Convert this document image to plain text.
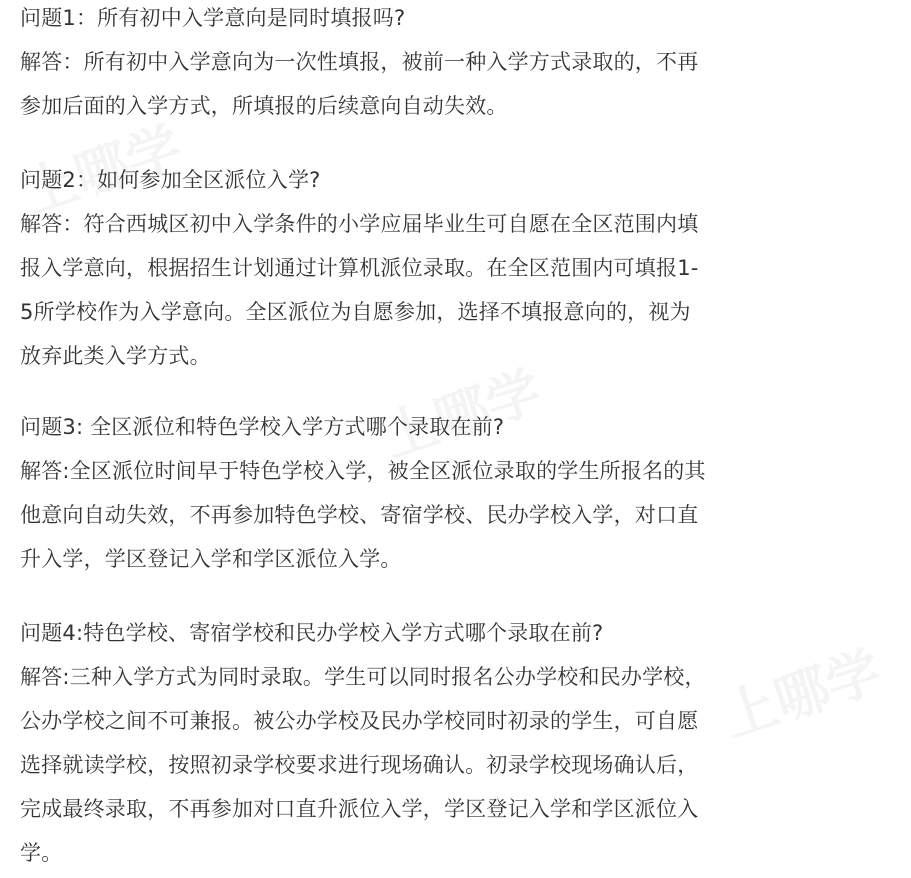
问题1：所有初中入学意向是同时填报吗?
解答：所有初中入学意向为一次性填报，被前一种入学方式录取的，不再
参加后面的入学方式，所填报的后续意向自动失效。
问题2：如何参加全区派位入学?
解答：符合西城区初中入学条件的小学应届毕业生可自愿在全区范围内填
报入学意向，根据招生计划通过计算机派位录取。在全区范围内可填报1-
5所学校作为入学意向。全区派位为自愿参加，选择不填报意向的，视为
放弃此类入学方式。
问题3: 全区派位和特色学校入学方式哪个录取在前?
解答:全区派位时间早于特色学校入学，被全区派位录取的学生所报名的其
他意向自动失效，不再参加特色学校、寄宿学校、民办学校入学，对口直
升入学，学区登记入学和学区派位入学。
问题4:特色学校、寄宿学校和民办学校入学方式哪个录取在前?
解答:三种入学方式为同时录取。学生可以同时报名公办学校和民办学校，
公办学校之间不可兼报。被公办学校及民办学校同时初录的学生，可自愿
选择就读学校，按照初录学校要求进行现场确认。初录学校现场确认后，
完成最终录取，不再参加对口直升派位入学，学区登记入学和学区派位入
学。
